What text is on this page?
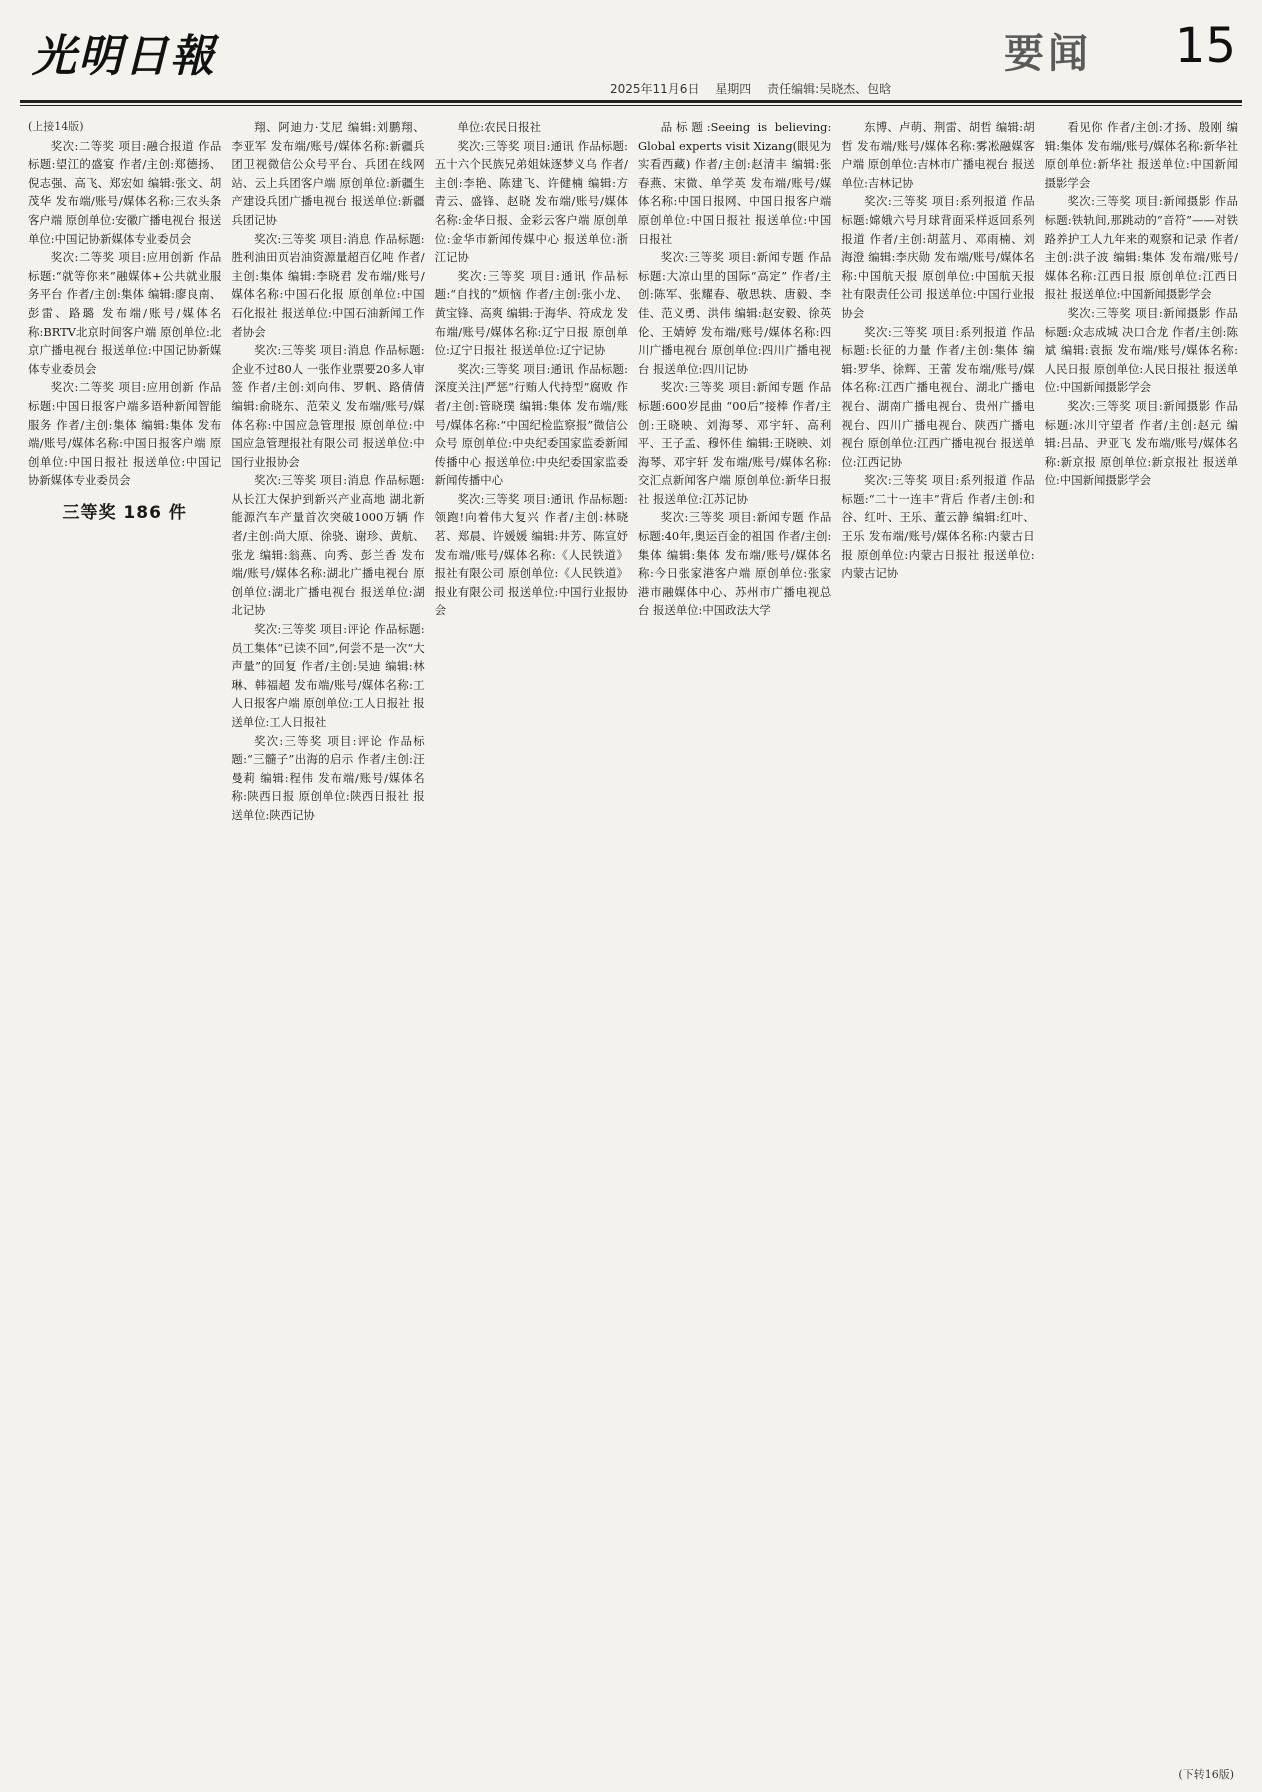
光明日報	要闻 15
2025年11月6日 星期四 责任编辑:吴晓杰、包晗
(上接14版)

奖次:二等奖 项目:融合报道 作品标题:望江的盛宴 作者/主创:郑德扬、倪志强、高飞、郑宏如 编辑:张文、胡茂华 发布端/账号/媒体名称:三农头条客户端 原创单位:安徽广播电视台 报送单位:中国记协新媒体专业委员会

奖次:二等奖 项目:应用创新 作品标题:“就等你来”融媒体+公共就业服务平台 作者/主创:集体 编辑:廖良南、彭雷、路璐 发布端/账号/媒体名称:BRTV北京时间客户端 原创单位:北京广播电视台 报送单位:中国记协新媒体专业委员会

奖次:二等奖 项目:应用创新 作品标题:中国日报客户端多语种新闻智能服务 作者/主创:集体 编辑:集体 发布端/账号/媒体名称:中国日报客户端 原创单位:中国日报社 报送单位:中国记协新媒体专业委员会

三等奖 186 件

翔、阿迪力·艾尼 编辑:刘鹏翔、李亚军 发布端/账号/媒体名称:新疆兵团卫视微信公众号平台、兵团在线网站、云上兵团客户端 原创单位:新疆生产建设兵团广播电视台 报送单位:新疆兵团记协

奖次:三等奖 项目:消息 作品标题:胜利油田页岩油资源量超百亿吨 作者/主创:集体 编辑:李晓君 发布端/账号/媒体名称:中国石化报 原创单位:中国石化报社 报送单位:中国石油新闻工作者协会

奖次:三等奖 项目:消息 作品标题:企业不过80人 一张作业票要20多人审签 作者/主创:刘向伟、罗帆、路倩倩 编辑:俞晓东、范荣义 发布端/账号/媒体名称:中国应急管理报 原创单位:中国应急管理报社有限公司 报送单位:中国行业报协会

奖次:三等奖 项目:消息 作品标题:从长江大保护到新兴产业高地 湖北新能源汽车产量首次突破1000万辆 作者/主创:尚大原、徐骁、谢珍、黄航、张龙 编辑:翁燕、向秀、彭兰香 发布端/账号/媒体名称:湖北广播电视台 原创单位:湖北广播电视台 报送单位:湖北记协

奖次:三等奖 项目:评论 作品标题:员工集体“已读不回”,何尝不是一次“大声量”的回复 作者/主创:吴迪 编辑:林琳、韩福超 发布端/账号/媒体名称:工人日报客户端 原创单位:工人日报社 报送单位:工人日报社

奖次:三等奖 项目:评论 作品标题:“三髓子”出海的启示 作者/主创:汪曼莉 编辑:程伟 发布端/账号/媒体名称:陕西日报 原创单位:陕西日报社 报送单位:陕西记协

单位:农民日报社

奖次:三等奖 项目:通讯 作品标题:五十六个民族兄弟姐妹逐梦义乌 作者/主创:李艳、陈建飞、许健楠 编辑:方青云、盛锋、赵晓 发布端/账号/媒体名称:金华日报、金彩云客户端 原创单位:金华市新闻传媒中心 报送单位:浙江记协

奖次:三等奖 项目:通讯 作品标题:“自找的”烦恼 作者/主创:张小龙、黄宝锋、高爽 编辑:于海华、符成龙 发布端/账号/媒体名称:辽宁日报 原创单位:辽宁日报社 报送单位:辽宁记协

奖次:三等奖 项目:通讯 作品标题:深度关注|严惩“行贿人代持型”腐败 作者/主创:管晓璞 编辑:集体 发布端/账号/媒体名称:“中国纪检监察报”微信公众号 原创单位:中央纪委国家监委新闻传播中心 报送单位:中央纪委国家监委新闻传播中心

奖次:三等奖 项目:通讯 作品标题:领跑!向着伟大复兴 作者/主创:林晓茗、郑晨、许媛媛 编辑:井芳、陈宣妤 发布端/账号/媒体名称:《人民铁道》报社有限公司 原创单位:《人民铁道》报业有限公司 报送单位:中国行业报协会

品标题:Seeing is believing: Global experts visit Xizang(眼见为实看西藏) 作者/主创:赵清丰 编辑:张春燕、宋微、单学英 发布端/账号/媒体名称:中国日报网、中国日报客户端 原创单位:中国日报社 报送单位:中国日报社

奖次:三等奖 项目:新闻专题 作品标题:大凉山里的国际“高定” 作者/主创:陈军、张耀春、敬思轶、唐毅、李佳、范义勇、洪伟 编辑:赵安毅、徐英伦、王婧婷 发布端/账号/媒体名称:四川广播电视台 原创单位:四川广播电视台 报送单位:四川记协

奖次:三等奖 项目:新闻专题 作品标题:600岁昆曲 “00后”接棒 作者/主创:王晓映、刘海琴、邓宇轩、高利平、王子孟、穆怀佳 编辑:王晓映、刘海琴、邓宇轩 发布端/账号/媒体名称:交汇点新闻客户端 原创单位:新华日报社 报送单位:江苏记协

奖次:三等奖 项目:新闻专题 作品标题:40年,奥运百金的祖国 作者/主创:集体 编辑:集体 发布端/账号/媒体名称:今日张家港客户端 原创单位:张家港市融媒体中心、苏州市广播电视总台 报送单位:中国政法大学

东博、卢萌、荆雷、胡哲 编辑:胡哲 发布端/账号/媒体名称:雾凇融媒客户端 原创单位:吉林市广播电视台 报送单位:吉林记协

奖次:三等奖 项目:系列报道 作品标题:嫦娥六号月球背面采样返回系列报道 作者/主创:胡蓝月、邓雨楠、刘海澄 编辑:李庆勋 发布端/账号/媒体名称:中国航天报 原创单位:中国航天报社有限责任公司 报送单位:中国行业报协会

奖次:三等奖 项目:系列报道 作品标题:长征的力量 作者/主创:集体 编辑:罗华、徐辉、王蕾 发布端/账号/媒体名称:江西广播电视台、湖北广播电视台、湖南广播电视台、贵州广播电视台、四川广播电视台、陕西广播电视台 原创单位:江西广播电视台 报送单位:江西记协

奖次:三等奖 项目:系列报道 作品标题:“二十一连丰”背后 作者/主创:和谷、红叶、王乐、董云静 编辑:红叶、王乐 发布端/账号/媒体名称:内蒙古日报 原创单位:内蒙古日报社 报送单位:内蒙古记协

看见你 作者/主创:才扬、殷刚 编辑:集体 发布端/账号/媒体名称:新华社 原创单位:新华社 报送单位:中国新闻摄影学会

奖次:三等奖 项目:新闻摄影 作品标题:铁轨间,那跳动的“音符”——对铁路养护工人九年来的观察和记录 作者/主创:洪子波 编辑:集体 发布端/账号/媒体名称:江西日报 原创单位:江西日报社 报送单位:中国新闻摄影学会

奖次:三等奖 项目:新闻摄影 作品标题:众志成城 决口合龙 作者/主创:陈斌 编辑:袁振 发布端/账号/媒体名称:人民日报 原创单位:人民日报社 报送单位:中国新闻摄影学会

奖次:三等奖 项目:新闻摄影 作品标题:冰川守望者 作者/主创:赵元 编辑:吕品、尹亚飞 发布端/账号/媒体名称:新京报 原创单位:新京报社 报送单位:中国新闻摄影学会

(下转16版)
